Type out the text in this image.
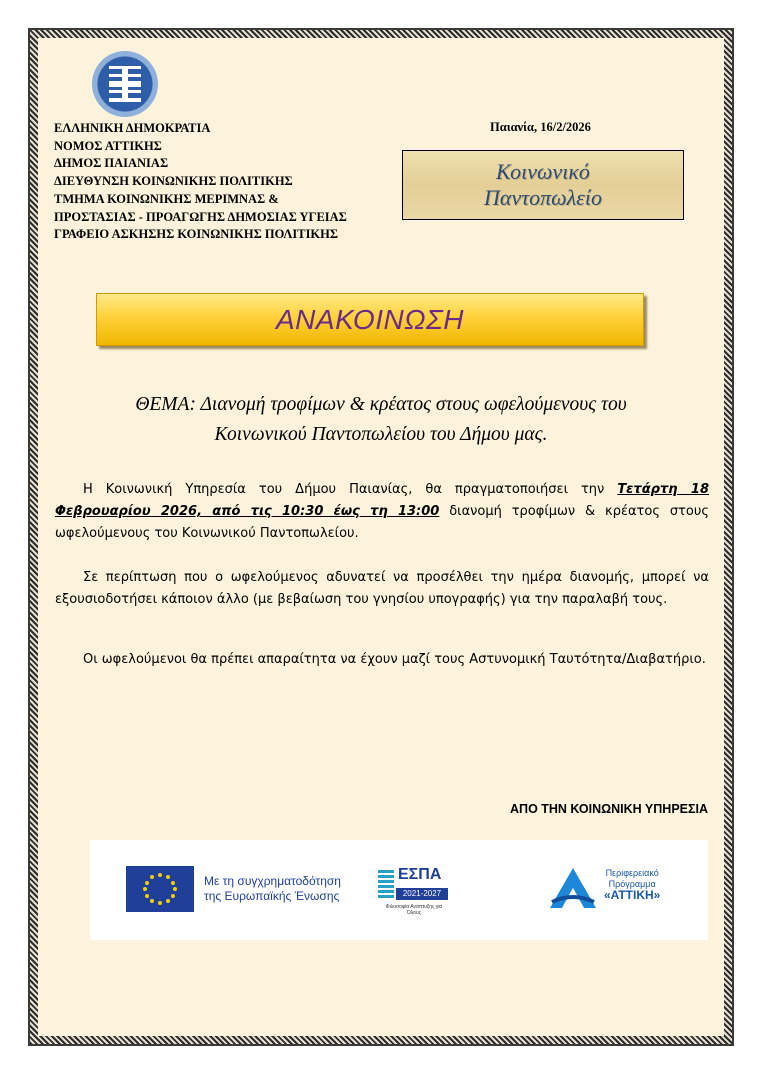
ΕΛΛΗΝΙΚΗ ΔΗΜΟΚΡΑΤΙΑ
ΝΟΜΟΣ ΑΤΤΙΚΗΣ
ΔΗΜΟΣ ΠΑΙΑΝΙΑΣ
ΔΙΕΥΘΥΝΣΗ ΚΟΙΝΩΝΙΚΗΣ ΠΟΛΙΤΙΚΗΣ
ΤΜΗΜΑ ΚΟΙΝΩΝΙΚΗΣ ΜΕΡΙΜΝΑΣ &
ΠΡΟΣΤΑΣΙΑΣ - ΠΡΟΑΓΩΓΗΣ ΔΗΜΟΣΙΑΣ ΥΓΕΙΑΣ
ΓΡΑΦΕΙΟ ΑΣΚΗΣΗΣ ΚΟΙΝΩΝΙΚΗΣ ΠΟΛΙΤΙΚΗΣ
Παιανία, 16/2/2026
Κοινωνικό
Παντοπωλείο
ΑΝΑΚΟΙΝΩΣΗ
ΘΕΜΑ: Διανομή τροφίμων & κρέατος στους ωφελούμενους του
Κοινωνικού Παντοπωλείου του Δήμου μας.
Η Κοινωνική Υπηρεσία του Δήμου Παιανίας, θα πραγματοποιήσει την Τετάρτη 18 Φεβρουαρίου 2026, από τις 10:30 έως τη 13:00 διανομή τροφίμων & κρέατος στους ωφελούμενους του Κοινωνικού Παντοπωλείου.
Σε περίπτωση που ο ωφελούμενος αδυνατεί να προσέλθει την ημέρα διανομής, μπορεί να εξουσιοδοτήσει κάποιον άλλο (με βεβαίωση του γνησίου υπογραφής) για την παραλαβή τους.
Οι ωφελούμενοι θα πρέπει απαραίτητα να έχουν μαζί τους Αστυνομική Ταυτότητα/Διαβατήριο.
ΑΠΟ ΤΗΝ ΚΟΙΝΩΝΙΚΗ ΥΠΗΡΕΣΙΑ
Με τη συγχρηματοδότηση
της Ευρωπαϊκής Ένωσης
ΕΣΠΑ
2021-2027
Φιλοσοφία Ανάπτυξης για Όλους
Περιφερειακό
Πρόγραμμα
«ΑΤΤΙΚΗ»
